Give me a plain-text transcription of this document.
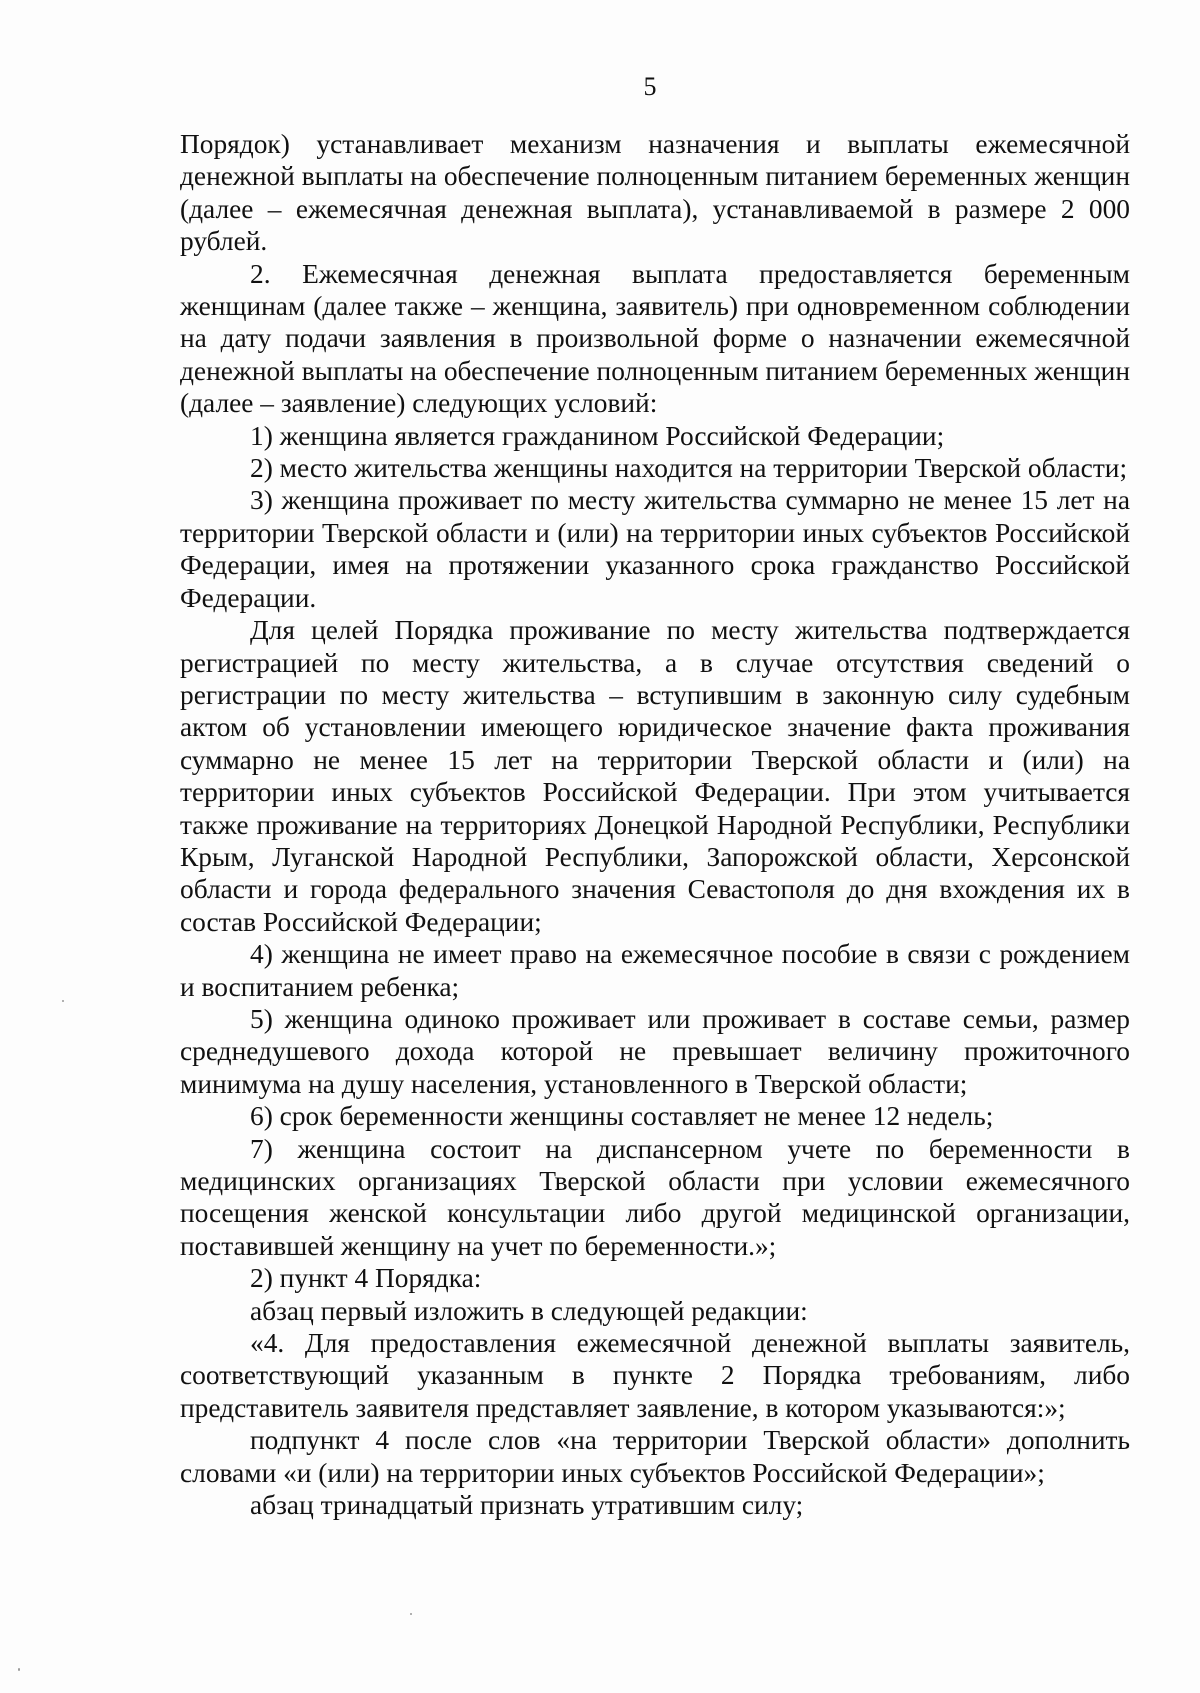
5

Порядок) устанавливает механизм назначения и выплаты ежемесячной денежной выплаты на обеспечение полноценным питанием беременных женщин (далее – ежемесячная денежная выплата), устанавливаемой в размере 2 000 рублей.

2. Ежемесячная денежная выплата предоставляется беременным женщинам (далее также – женщина, заявитель) при одновременном соблюдении на дату подачи заявления в произвольной форме о назначении ежемесячной денежной выплаты на обеспечение полноценным питанием беременных женщин (далее – заявление) следующих условий:

1) женщина является гражданином Российской Федерации;

2) место жительства женщины находится на территории Тверской области;

3) женщина проживает по месту жительства суммарно не менее 15 лет на территории Тверской области и (или) на территории иных субъектов Российской Федерации, имея на протяжении указанного срока гражданство Российской Федерации.

Для целей Порядка проживание по месту жительства подтверждается регистрацией по месту жительства, а в случае отсутствия сведений о регистрации по месту жительства – вступившим в законную силу судебным актом об установлении имеющего юридическое значение факта проживания суммарно не менее 15 лет на территории Тверской области и (или) на территории иных субъектов Российской Федерации. При этом учитывается также проживание на территориях Донецкой Народной Республики, Республики Крым, Луганской Народной Республики, Запорожской области, Херсонской области и города федерального значения Севастополя до дня вхождения их в состав Российской Федерации;

4) женщина не имеет право на ежемесячное пособие в связи с рождением и воспитанием ребенка;

5) женщина одиноко проживает или проживает в составе семьи, размер среднедушевого дохода которой не превышает величину прожиточного минимума на душу населения, установленного в Тверской области;

6) срок беременности женщины составляет не менее 12 недель;

7) женщина состоит на диспансерном учете по беременности в медицинских организациях Тверской области при условии ежемесячного посещения женской консультации либо другой медицинской организации, поставившей женщину на учет по беременности.»;

2) пункт 4 Порядка:

абзац первый изложить в следующей редакции:

«4. Для предоставления ежемесячной денежной выплаты заявитель, соответствующий указанным в пункте 2 Порядка требованиям, либо представитель заявителя представляет заявление, в котором указываются:»;

подпункт 4 после слов «на территории Тверской области» дополнить словами «и (или) на территории иных субъектов Российской Федерации»;

абзац тринадцатый признать утратившим силу;
